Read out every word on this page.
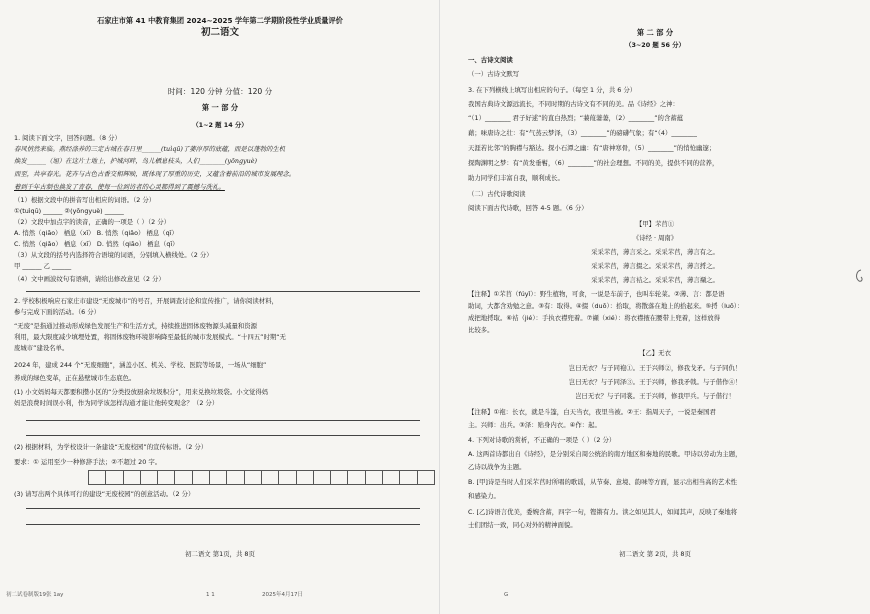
石家庄市第 41 中教育集团 2024~2025 学年第二学期阶段性学业质量评价
初二语文
时间：120 分钟 分值：120 分
第 一 部 分
（1~2 题 14 分）
1. 阅读下面文字，回答问题。（8 分）
春风悄然来临。燕经涤养的三定古城在春日里______(tuìqū)了萎淳厚的底蕴，而是以蓬勃的生机
焕发______（旭）在这片土地上，护城河畔，鸟儿栖息枝头，人们________(yōngyuè)
而至，共享春光。花卉与古色古香交相辉映，既体现了厚重的历史，又蕴含着前沿的城市发展理念。
着到千年古制也换发了青春，使每一位到访者的心灵都得到了震撼与洗礼。
（1）根据文段中的拼音写出相应的词语。（2 分）
①(tuìqū) ______ ②(yōngyuè) ______
（2）文段中加点字的读音，正确的一项是（ ）（2 分）
A. 悄然（qiāo） 栖息（xī） B. 悄然（qiǎo） 栖息（qī）
C. 悄然（qiǎo） 栖息（xī） D. 悄然（qiāo） 栖息（qī）
（3）从文段的括号内选择符合语境的词语，分别填入横线处。（2 分）
甲 ______ 乙 ______
（4）文中画波纹句有语病，请给出修改意见（2 分）
2. 学校积极响应石家庄市建设“无废城市”的号召，开展调查讨论和宣传推广，请你阅读材料，
参与完成下面的活动。（6 分）
“无废”是指通过推动形成绿色发展生产和生活方式，持续推进固体废物源头减量和资源
利用，最大限度减少填埋处置，将固体废物环境影响降至最低的城市发展模式。“十四五”时期“无
废城市”建设名单。
2024 年，建成 244 个“无废细胞”，涵盖小区、机关、学校、医院等场景，一场从“细胞”
养成的绿色变革，正在悬壁城市生态底色。
(1) 小文妈妈每天都要积攒小区的“分类投放厨余垃圾积分”，用来兑换垃圾袋。小文觉得妈
妈是浪费时间误小利，作为同学该怎样沟通才能让他转变观念？（2 分）
(2) 根据材料，为学校设计一条建设“无废校园”的宣传标语。（2 分）
要求：① 运用至少一种修辞手法；②不超过 20 字。
(3) 请写出两个具体可行的建设“无废校园”的创意活动。（2 分）
初二语文 第1页，共 8页
第 二 部 分
（3~20 题 56 分）
一、古诗文阅读
（一）古诗文默写
3. 在下列横线上填写出相应的句子。（每空 1 分，共 6 分）
我国古典诗文源远流长，不同时期的古诗文有不同的美。品《诗经》之神：
“（1）________ 君子好逑”的直白热烈；“蒹葭萋萋，（2）________”的含蓄蕴
藉；味唐诗之壮：有“气蒸云梦泽，（3）________”的磅礴气象；有“（4）________
天涯若比邻”的胸襟与豁达。探小石潭之幽：有“唐神寒骨，（5）________”的悄怆幽邃；
探陶渊明之梦：有“黄发垂髫，（6）________”的社会理想。不同的美，提供不同的营养，
助力同学们丰富自我，顺利成长。
（二）古代诗歌阅读
阅读下面古代诗歌，回答 4-5 题。（6 分）
【甲】芣苢①
《诗经 · 周南》
采采芣苢，薄言采之。采采芣苢，薄言有之。
采采芣苢，薄言掇之。采采芣苢，薄言捋之。
采采芣苢，薄言袺之。采采芣苢，薄言襭之。
【注释】①芣苢（fúyǐ）：野生植物，可食，一说是车前子，也叫车轮菜。②薄、言：都是语
助词，大都含劝勉之意。③有：取得。④掇（duō）：拾取，将散落在地上的拾起来。⑤捋（luō）：
成把地捋取。⑥袺（jié）：手执衣襟兜着。⑦襭（xié）：将衣襟掖在腰带上兜着，这样放得
比较多。
【乙】无衣
岂曰无衣？与子同袍①。王于兴师②，修我戈矛。与子同仇！
岂曰无衣？与子同泽③。王于兴师，修我矛戟。与子偕作④！
岂曰无衣？与子同裳。王于兴师，修我甲兵。与子偕行！
【注释】①袍：长衣，就是斗篷，白天当衣，夜里当被。②王：指周天子，一说是秦国君
主。兴师：出兵。③泽：贴身内衣。④作：起。
4. 下列对诗歌的赏析，不正确的一项是（ ）（2 分）
A. 这两首诗都出自《诗经》，是分别采自周公统治的南方地区和秦地的民歌。甲诗以劳动为主题，
乙诗以战争为主题。
B. [甲]诗是当时人们采芣苢时所唱的歌谣，从节奏、意境、韵味等方面，显示出相当高的艺术性
和感染力。
C. [乙]诗语言优美，委婉含蓄，四字一句，铿锵有力。读之如见其人，如闻其声，反映了秦地将
士们团结一致，同心对外的精神面貌。
初二语文 第 2页，共 8页
初二试卷制版19张 1ay	1 1	2025年4月17日	G
